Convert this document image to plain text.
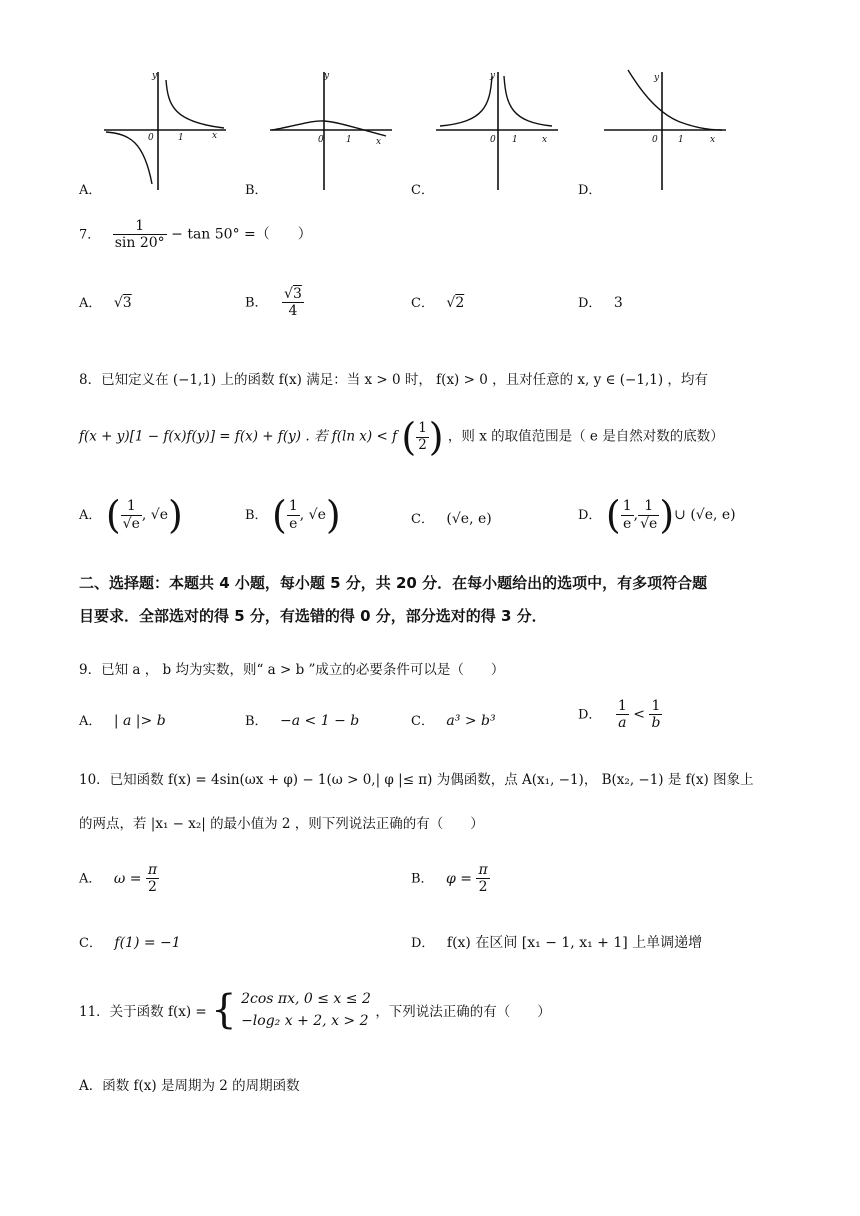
y
0	1	x
y
0 1	x
y
0 1	x
y
0 1	x
A．	B．	C．	D．
7． $\frac{1}{\sin 20^\circ} - \tan 50^\circ$ =（　　）
A． √3	B． $\frac{√3}{4}$	C． √2	D． 3
8．已知定义在 (−1,1) 上的函数 f(x) 满足：当 x > 0 时， f(x) > 0 ，且对任意的 x, y ∈ (−1,1) ，均有
f(x + y)[1 − f(x)f(y)] = f(x) + f(y) . 若 f(ln x) < f ( $\frac{1}{2}$ ) ，则 x 的取值范围是（ e 是自然对数的底数）
A． ( $\frac{1}{√e}$ , √e)	B． ( $\frac{1}{e}$ , √e)	C． (√e, e)	D． ( $\frac{1}{e}$ , $\frac{1}{√e}$ )∪ (√e, e)
二、选择题：本题共 4 小题，每小题 5 分，共 20 分．在每小题给出的选项中，有多项符合题
目要求．全部选对的得 5 分，有选错的得 0 分，部分选对的得 3 分．
9．已知 a ， b 均为实数，则“ a > b ”成立的必要条件可以是（　　）
A． | a |> b	B． −a < 1 − b	C． a³ > b³	D． $\frac{1}{a} < \frac{1}{b}$
10．已知函数 f(x) = 4sin(ωx + φ) − 1(ω > 0,| φ |≤ π) 为偶函数，点 A(x₁, −1)， B(x₂, −1) 是 f(x) 图象上
的两点，若 |x₁ − x₂| 的最小值为 2 ，则下列说法正确的有（　　）
A． $\omega = \frac{\pi}{2}$	B． $\varphi = \frac{\pi}{2}$
C． f(1) = −1	D． f(x) 在区间 [x₁ − 1, x₁ + 1] 上单调递增
11．关于函数 f(x) = { 2cos πx, 0 ≤ x ≤ 2
−log₂ x + 2, x > 2
，下列说法正确的有（　　）
A．函数 f(x) 是周期为 2 的周期函数
